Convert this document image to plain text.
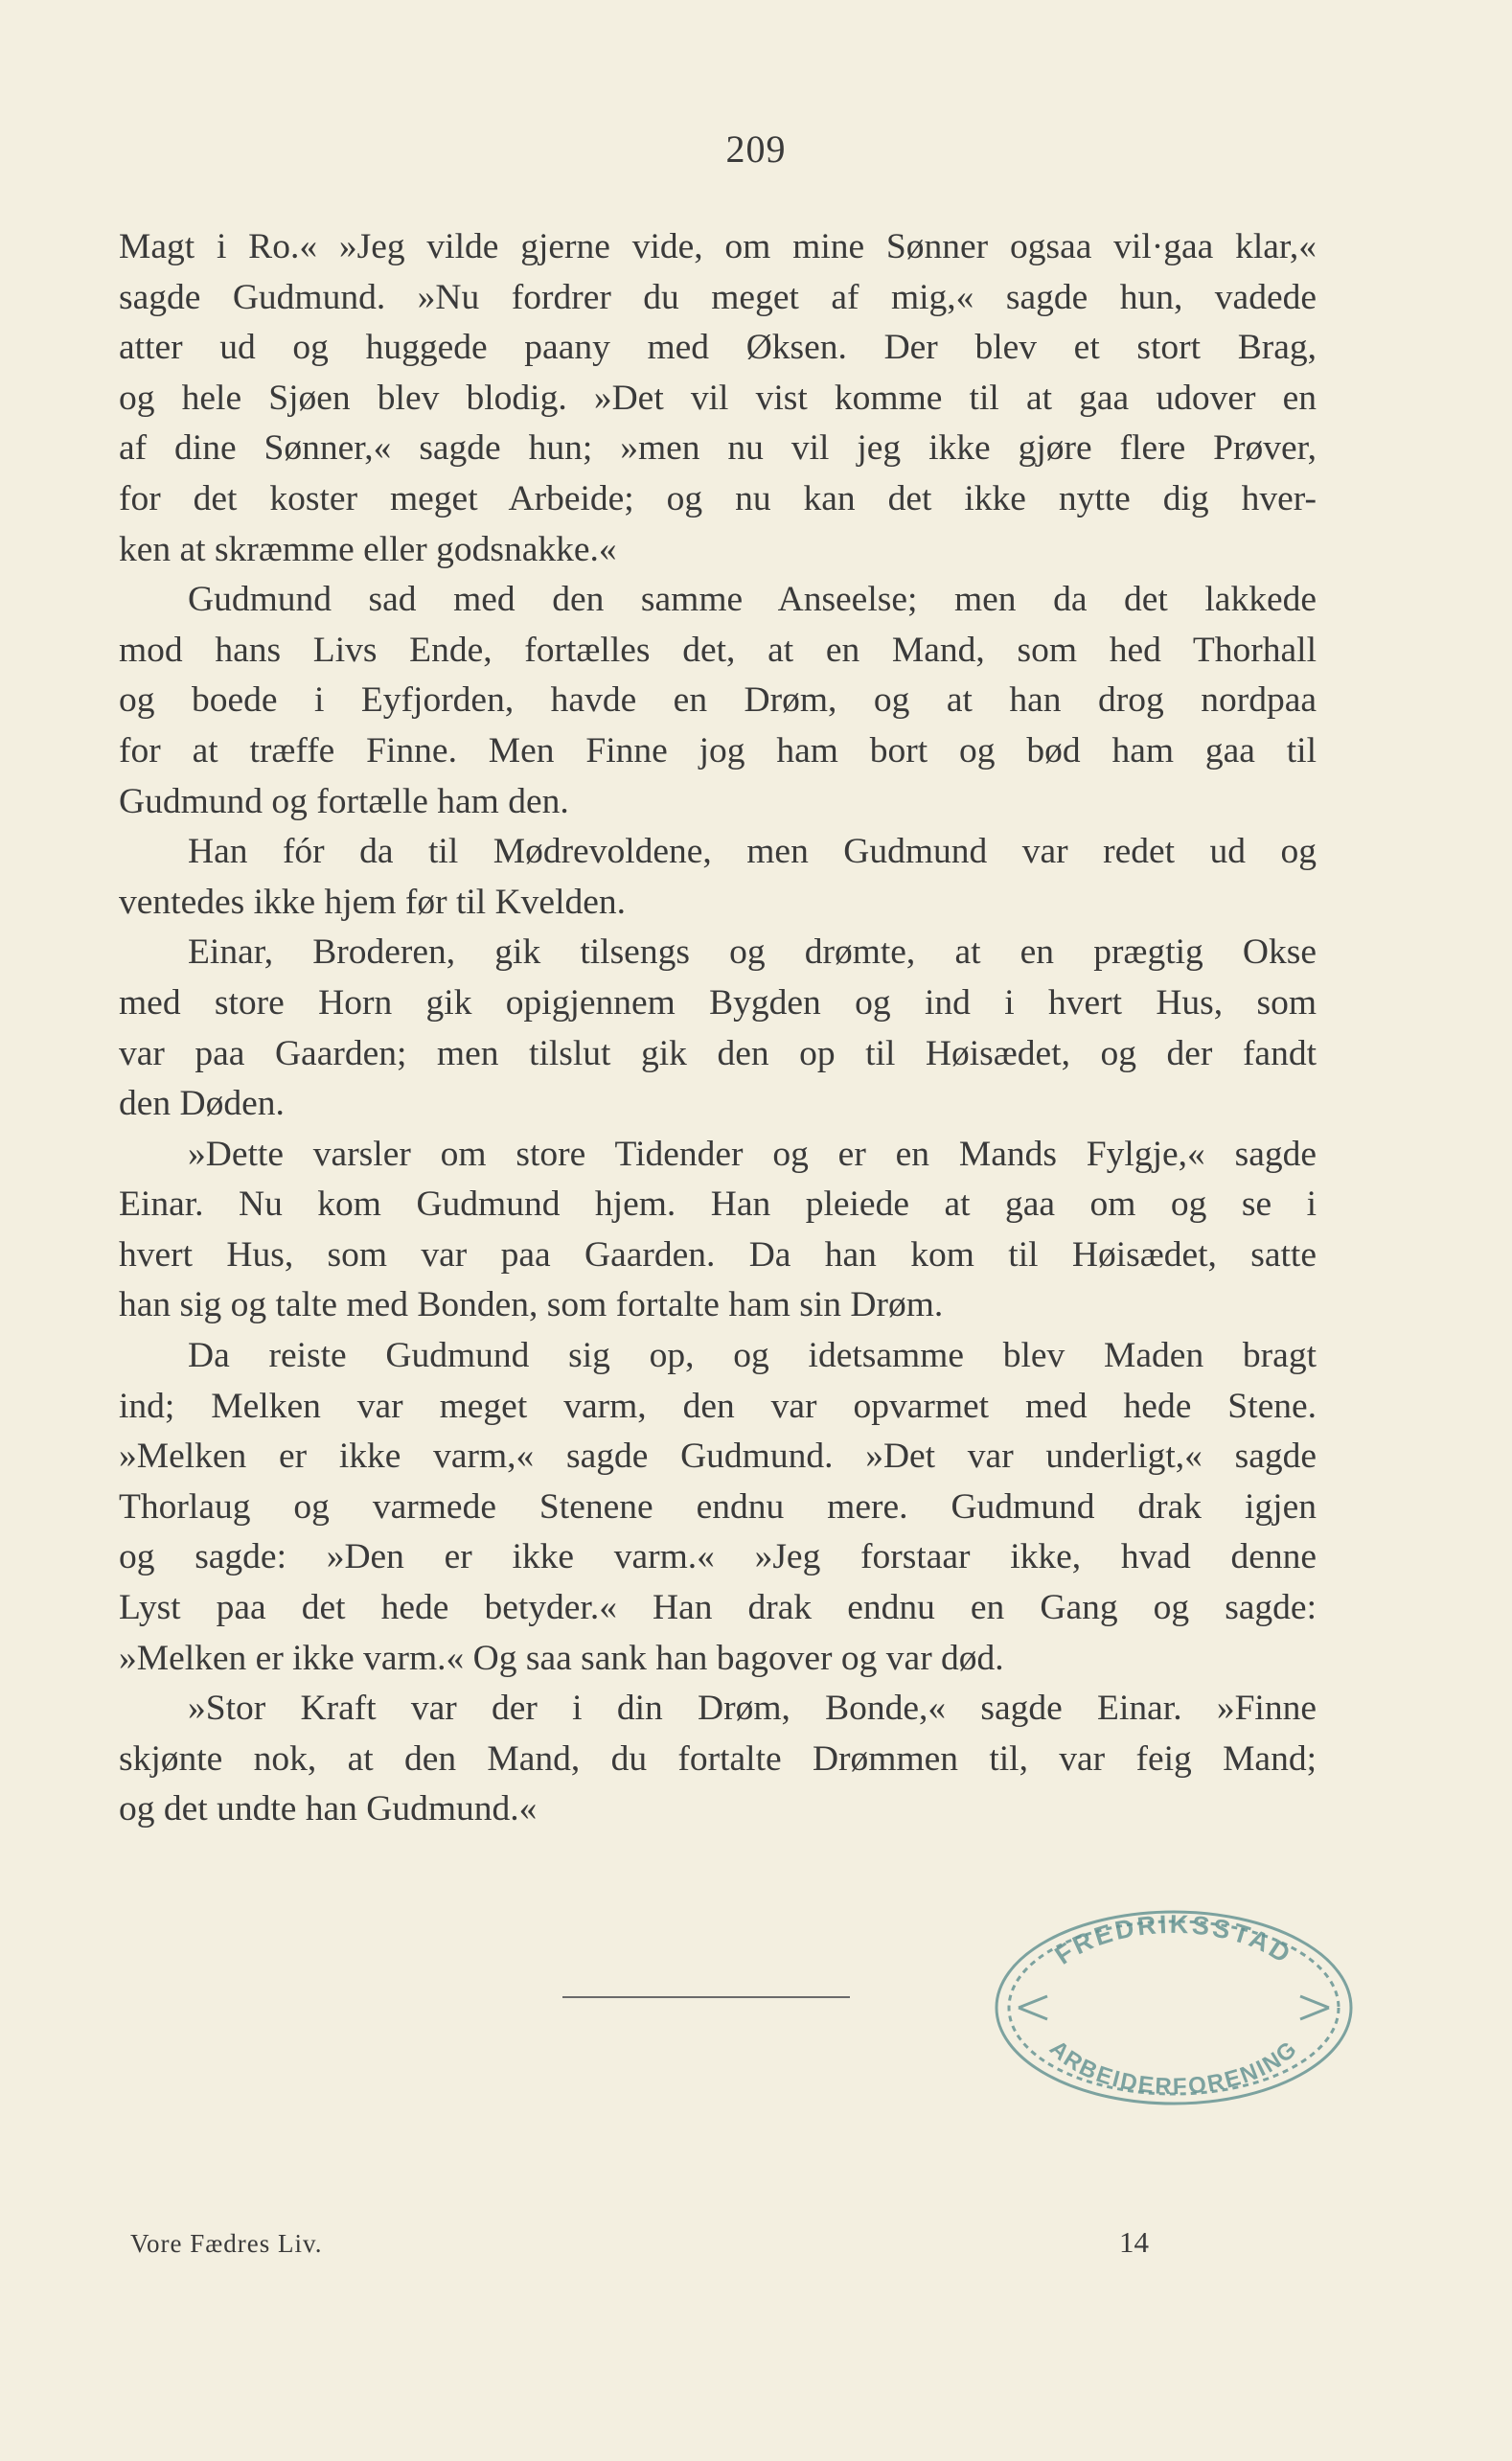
209
Magt i Ro.« »Jeg vilde gjerne vide, om mine Sønner ogsaa vil·gaa klar,«
sagde Gudmund. »Nu fordrer du meget af mig,« sagde hun, vadede
atter ud og huggede paany med Øksen. Der blev et stort Brag,
og hele Sjøen blev blodig. »Det vil vist komme til at gaa udover en
af dine Sønner,« sagde hun; »men nu vil jeg ikke gjøre flere Prøver,
for det koster meget Arbeide; og nu kan det ikke nytte dig hver-
ken at skræmme eller godsnakke.«
Gudmund sad med den samme Anseelse; men da det lakkede
mod hans Livs Ende, fortælles det, at en Mand, som hed Thorhall
og boede i Eyfjorden, havde en Drøm, og at han drog nordpaa
for at træffe Finne. Men Finne jog ham bort og bød ham gaa til
Gudmund og fortælle ham den.
Han fór da til Mødrevoldene, men Gudmund var redet ud og
ventedes ikke hjem før til Kvelden.
Einar, Broderen, gik tilsengs og drømte, at en prægtig Okse
med store Horn gik opigjennem Bygden og ind i hvert Hus, som
var paa Gaarden; men tilslut gik den op til Høisædet, og der fandt
den Døden.
»Dette varsler om store Tidender og er en Mands Fylgje,« sagde
Einar. Nu kom Gudmund hjem. Han pleiede at gaa om og se i
hvert Hus, som var paa Gaarden. Da han kom til Høisædet, satte
han sig og talte med Bonden, som fortalte ham sin Drøm.
Da reiste Gudmund sig op, og idetsamme blev Maden bragt
ind; Melken var meget varm, den var opvarmet med hede Stene.
»Melken er ikke varm,« sagde Gudmund. »Det var underligt,« sagde
Thorlaug og varmede Stenene endnu mere. Gudmund drak igjen
og sagde: »Den er ikke varm.« »Jeg forstaar ikke, hvad denne
Lyst paa det hede betyder.« Han drak endnu en Gang og sagde:
»Melken er ikke varm.« Og saa sank han bagover og var død.
»Stor Kraft var der i din Drøm, Bonde,« sagde Einar. »Finne
skjønte nok, at den Mand, du fortalte Drømmen til, var feig Mand;
og det undte han Gudmund.«
FREDRIKSSTAD
ARBEIDERFORENING
Vore Fædres Liv.	14
